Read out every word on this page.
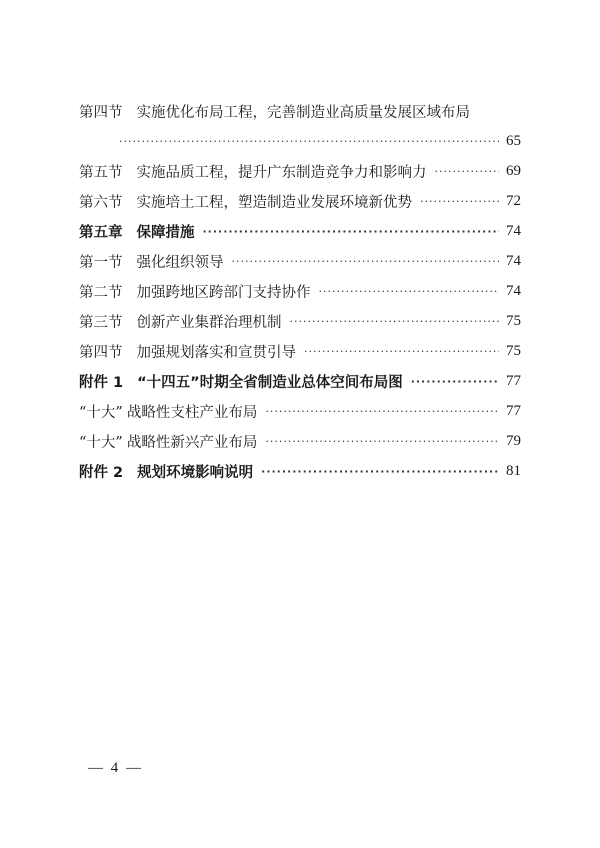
第四节 实施优化布局工程，完善制造业高质量发展区域布局
·····
65
第五节 实施品质工程，提升广东制造竞争力和影响力 ·····	69
第六节 实施培土工程，塑造制造业发展环境新优势 ·····	72
第五章 保障措施 ·····	74
第一节 强化组织领导 ·····	74
第二节 加强跨地区跨部门支持协作 ·····	74
第三节 创新产业集群治理机制 ·····	75
第四节 加强规划落实和宣贯引导 ·····	75
附件 1 “十四五”时期全省制造业总体空间布局图 ·····	77
“十大” 战略性支柱产业布局 ·····	77
“十大” 战略性新兴产业布局 ·····	79
附件 2 规划环境影响说明 ·····	81
— 4 —
